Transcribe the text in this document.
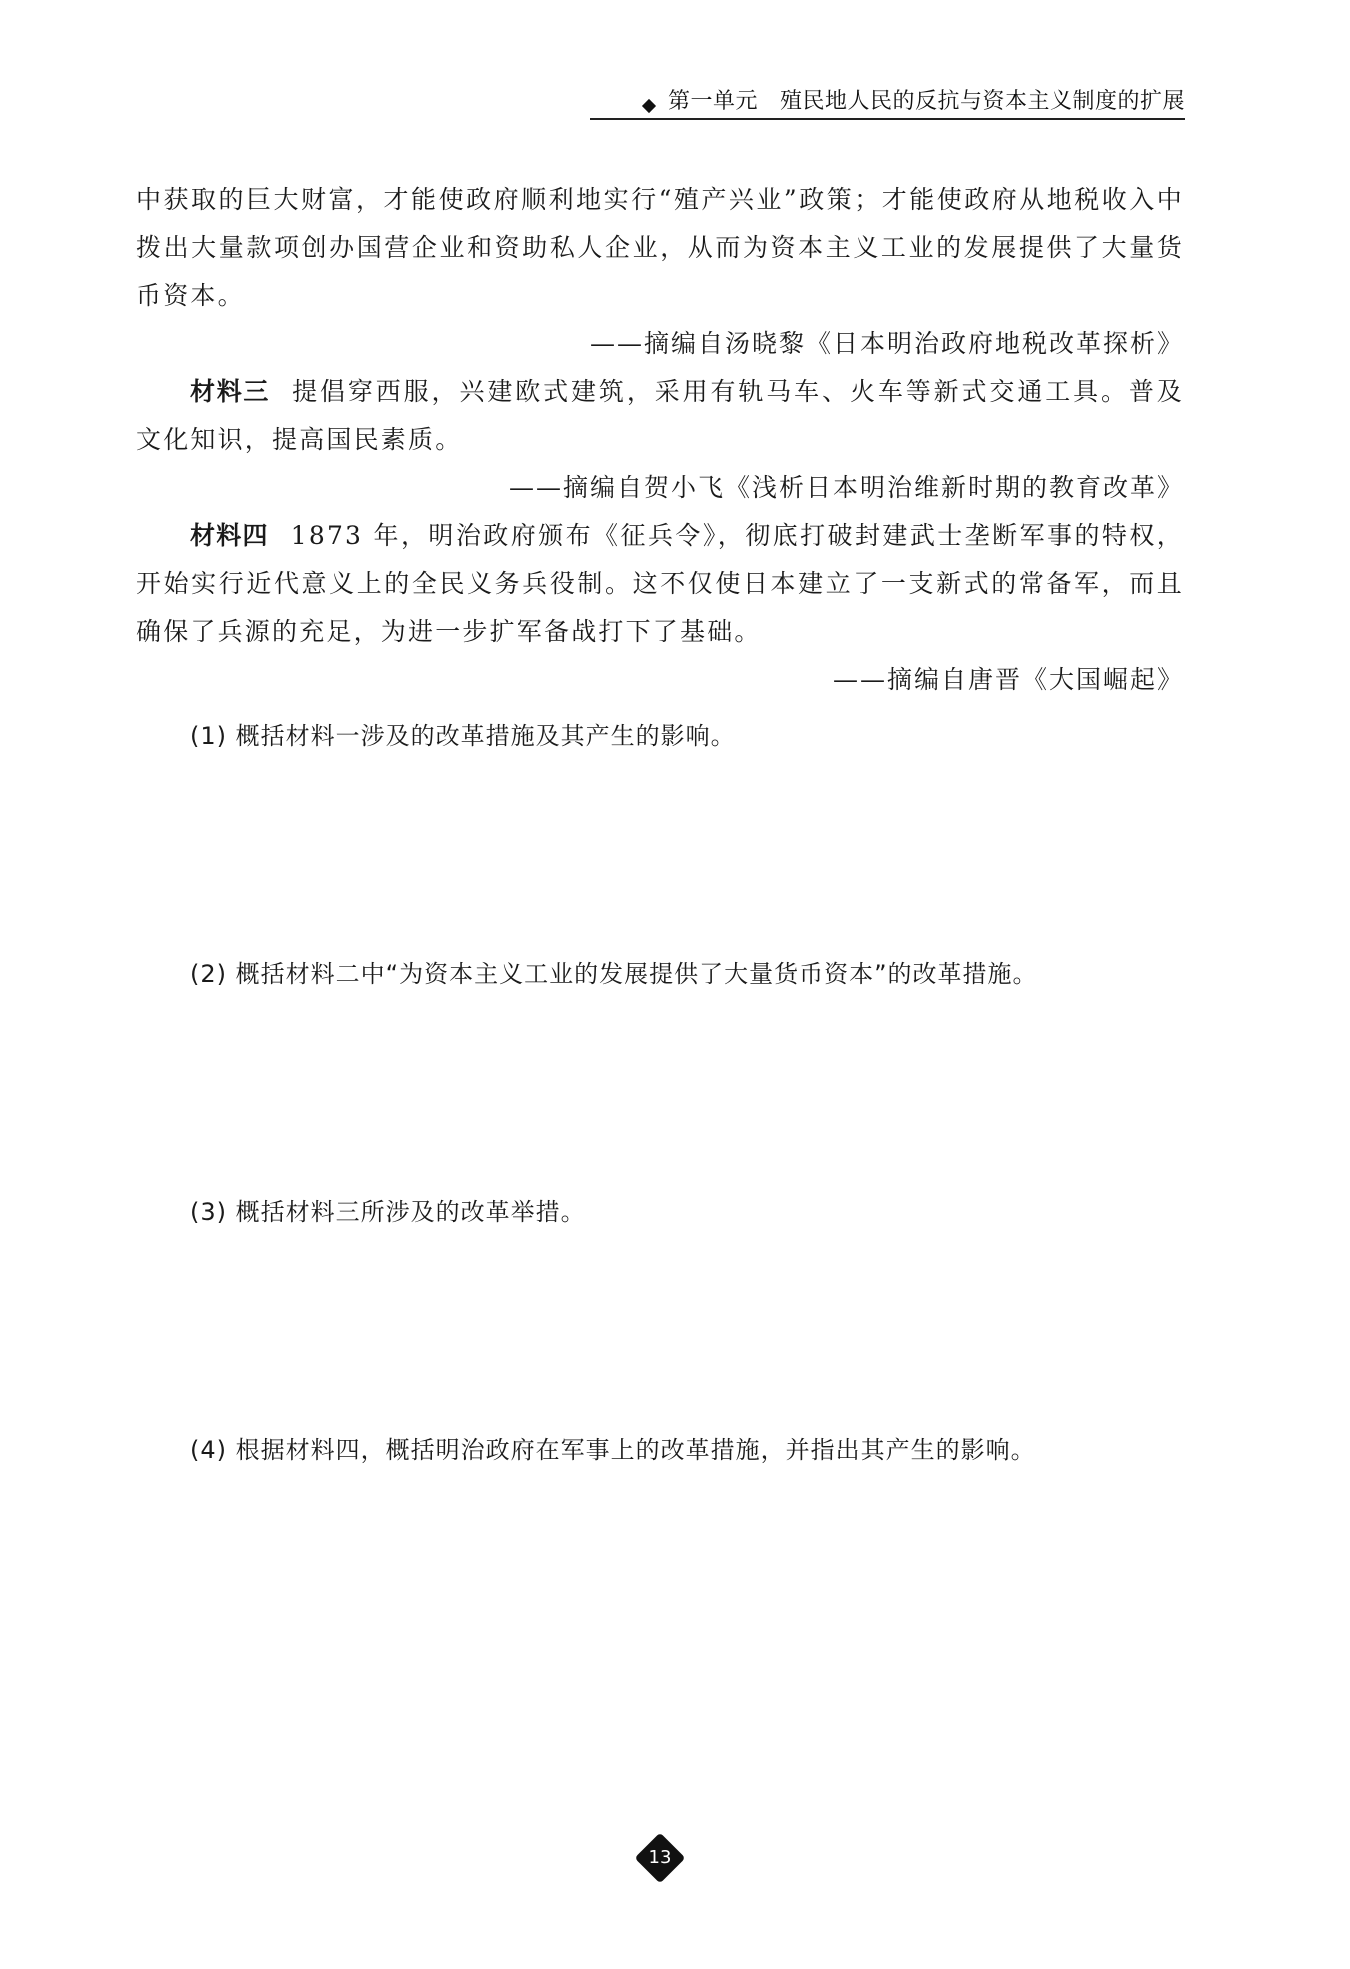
第一单元 殖民地人民的反抗与资本主义制度的扩展

中获取的巨大财富，才能使政府顺利地实行“殖产兴业”政策；才能使政府从地税收入中拨出大量款项创办国营企业和资助私人企业，从而为资本主义工业的发展提供了大量货币资本。

——摘编自汤晓黎《日本明治政府地税改革探析》

材料三 提倡穿西服，兴建欧式建筑，采用有轨马车、火车等新式交通工具。普及文化知识，提高国民素质。

——摘编自贺小飞《浅析日本明治维新时期的教育改革》

材料四 1873 年，明治政府颁布《征兵令》，彻底打破封建武士垄断军事的特权，开始实行近代意义上的全民义务兵役制。这不仅使日本建立了一支新式的常备军，而且确保了兵源的充足，为进一步扩军备战打下了基础。

——摘编自唐晋《大国崛起》

(1) 概括材料一涉及的改革措施及其产生的影响。

(2) 概括材料二中“为资本主义工业的发展提供了大量货币资本”的改革措施。

(3) 概括材料三所涉及的改革举措。

(4) 根据材料四，概括明治政府在军事上的改革措施，并指出其产生的影响。

13
